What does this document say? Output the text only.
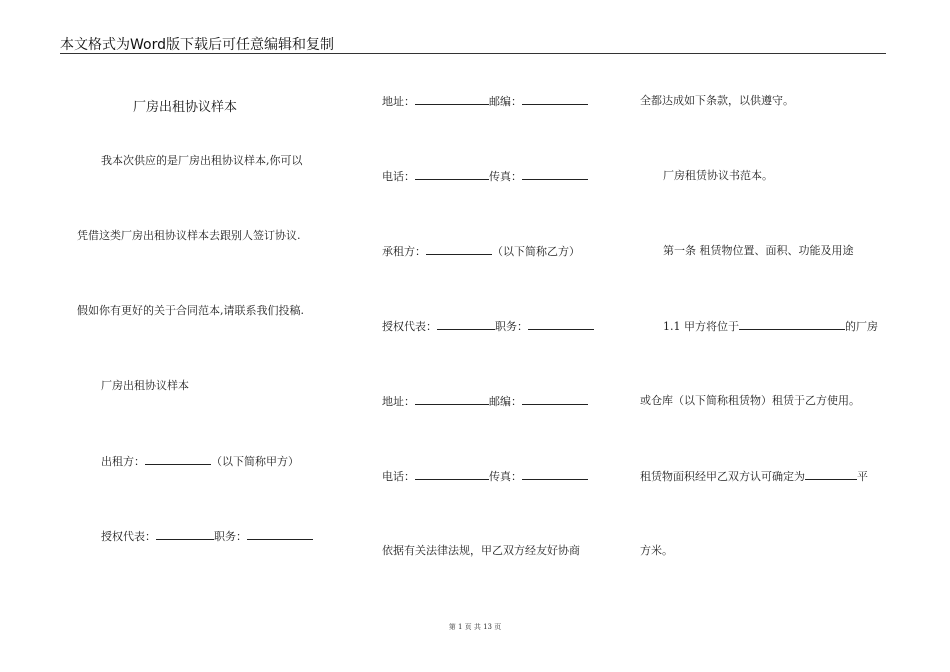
本文格式为Word版下载后可任意编辑和复制
厂房出租协议样本
我本次供应的是厂房出租协议样本,你可以
凭借这类厂房出租协议样本去跟别人签订协议.
假如你有更好的关于合同范本,请联系我们投稿.
厂房出租协议样本
出租方：	（以下简称甲方）
授权代表：	职务：
地址：	邮编：
电话：	传真：
承租方：	（以下简称乙方）
授权代表：	职务：
地址：	邮编：
电话：	传真：
依据有关法律法规，甲乙双方经友好协商
全都达成如下条款，以供遵守。
厂房租赁协议书范本。
第一条 租赁物位置、面积、功能及用途
1.1 甲方将位于	的厂房
或仓库（以下简称租赁物）租赁于乙方使用。
租赁物面积经甲乙双方认可确定为	平
方米。
第 1 页 共 13 页
